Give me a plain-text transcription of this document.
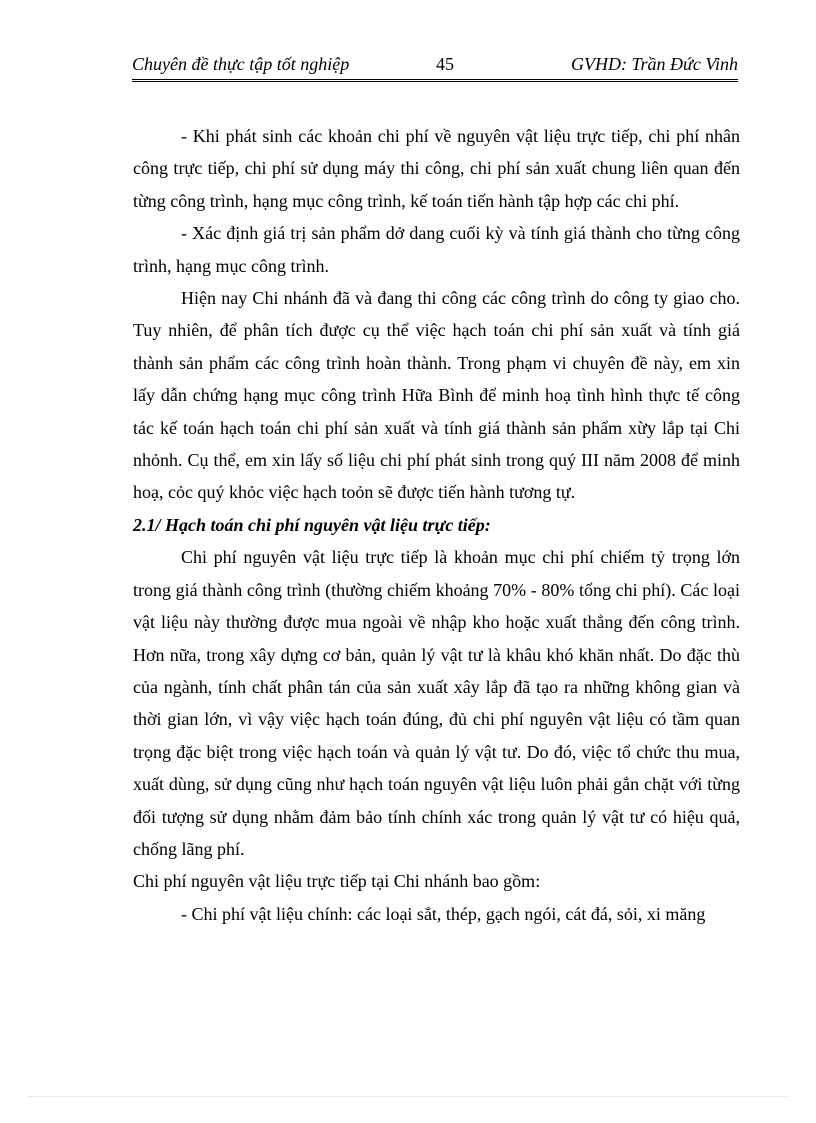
Chuyên đề thực tập tốt nghiệp	45	GVHD: Trần Đức Vinh

- Khi phát sinh các khoản chi phí về nguyên vật liệu trực tiếp, chi phí nhân công trực tiếp, chi phí sử dụng máy thi công, chi phí sản xuất chung liên quan đến từng công trình, hạng mục công trình, kế toán tiến hành tập hợp các chi phí.

- Xác định giá trị sản phẩm dở dang cuối kỳ và tính giá thành cho từng công trình, hạng mục công trình.

Hiện nay Chi nhánh đã và đang thi công các công trình do công ty giao cho. Tuy nhiên, để phân tích được cụ thể việc hạch toán chi phí sản xuất và tính giá thành sản phẩm các công trình hoàn thành. Trong phạm vi chuyên đề này, em xin lấy dẫn chứng hạng mục công trình Hữa Bình để minh hoạ tình hình thực tế công tác kế toán hạch toán chi phí sản xuất và tính giá thành sản phẩm xừy lắp tại Chi nhỏnh. Cụ thể, em xin lấy số liệu chi phí phát sinh trong quý III năm 2008 để minh hoạ, cỏc quý khỏc việc hạch toỏn sẽ được tiến hành tương tự.

2.1/ Hạch toán chi phí nguyên vật liệu trực tiếp:

Chi phí nguyên vật liệu trực tiếp là khoản mục chi phí chiếm tỷ trọng lớn trong giá thành công trình (thường chiếm khoảng 70% - 80% tổng chi phí). Các loại vật liệu này thường được mua ngoài về nhập kho hoặc xuất thẳng đến công trình. Hơn nữa, trong xây dựng cơ bản, quản lý vật tư là khâu khó khăn nhất. Do đặc thù của ngành, tính chất phân tán của sản xuất xây lắp đã tạo ra những không gian và thời gian lớn, vì vậy việc hạch toán đúng, đủ chi phí nguyên vật liệu có tầm quan trọng đặc biệt trong việc hạch toán và quản lý vật tư. Do đó, việc tổ chức thu mua, xuất dùng, sử dụng cũng như hạch toán nguyên vật liệu luôn phải gắn chặt với từng đối tượng sử dụng nhằm đảm bảo tính chính xác trong quản lý vật tư có hiệu quả, chống lãng phí.

Chi phí nguyên vật liệu trực tiếp tại Chi nhánh bao gồm:

- Chi phí vật liệu chính: các loại sắt, thép, gạch ngói, cát đá, sỏi, xi măng
